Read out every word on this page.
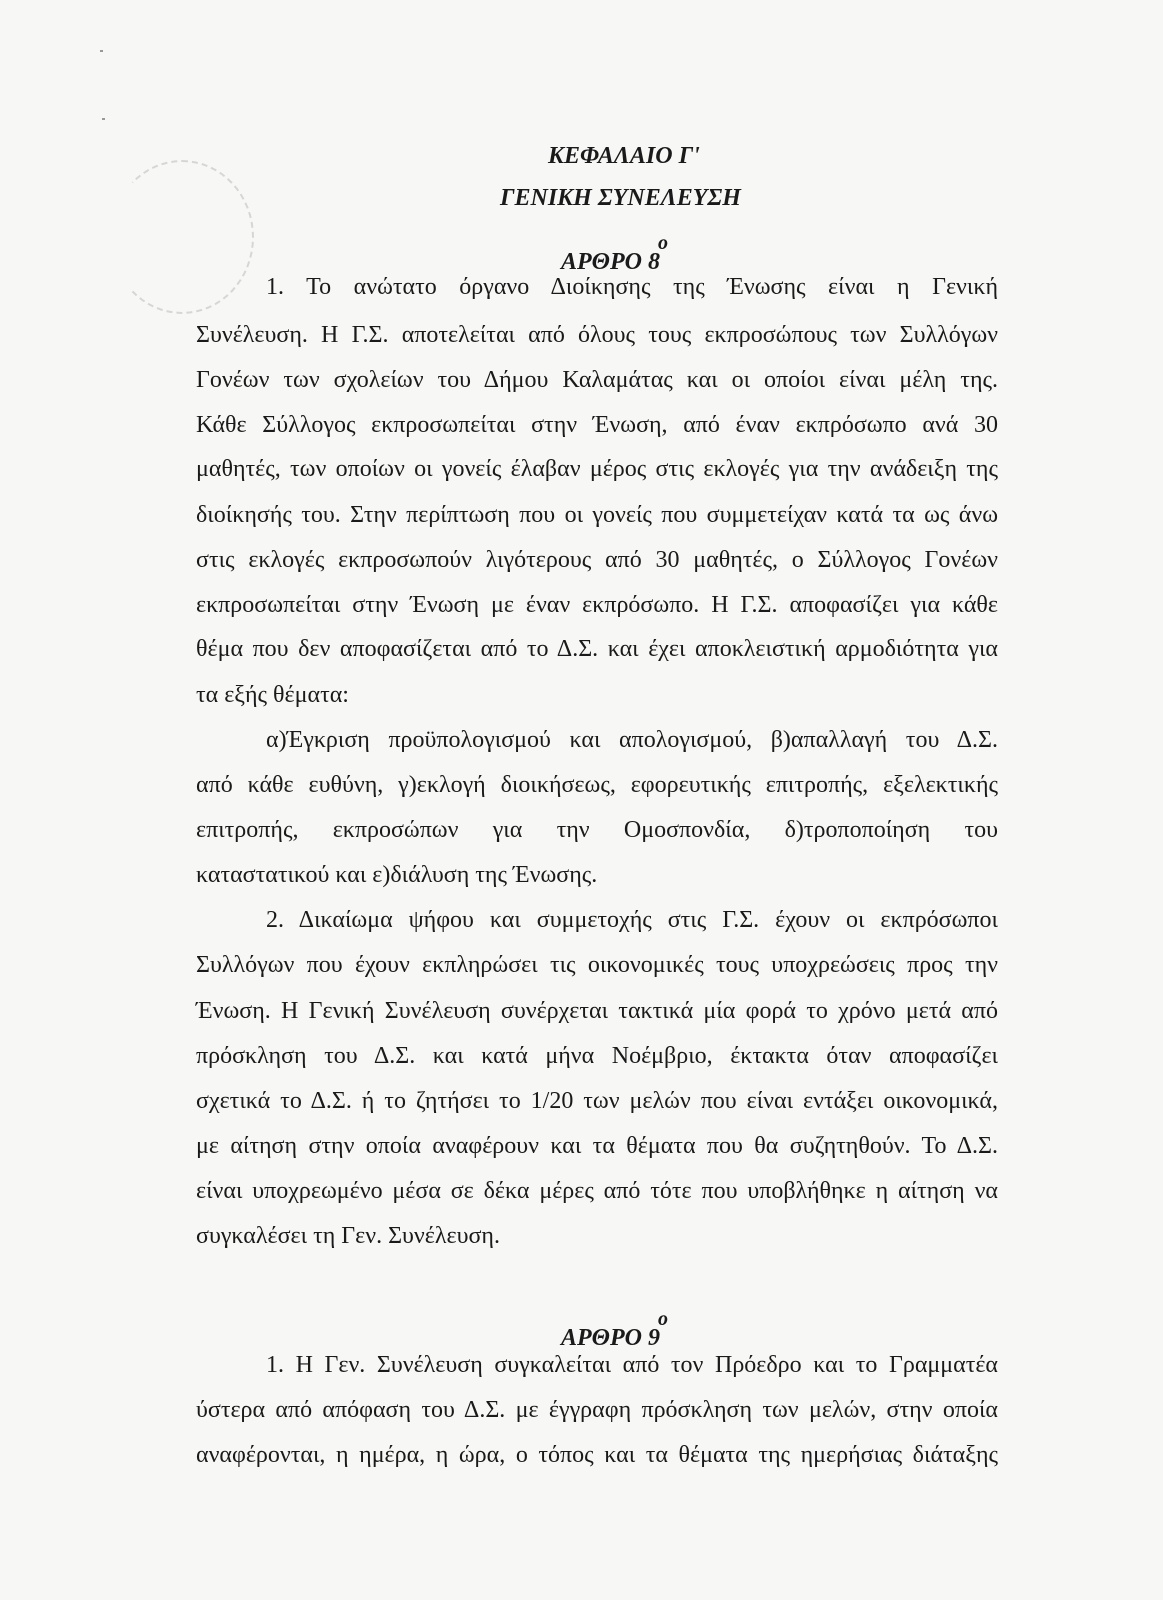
ΚΕΦΑΛΑΙΟ Γ'
ΓΕΝΙΚΗ ΣΥΝΕΛΕΥΣΗ
ο
ΑΡΘΡΟ 8
1. Το ανώτατο όργανο Διοίκησης της Ένωσης είναι η Γενική
Συνέλευση. Η Γ.Σ. αποτελείται από όλους τους εκπροσώπους των Συλλόγων
Γονέων των σχολείων του Δήμου Καλαμάτας και οι οποίοι είναι μέλη της.
Κάθε Σύλλογος εκπροσωπείται στην Ένωση, από έναν εκπρόσωπο ανά 30
μαθητές, των οποίων οι γονείς έλαβαν μέρος στις εκλογές για την ανάδειξη της
διοίκησής του. Στην περίπτωση που οι γονείς που συμμετείχαν κατά τα ως άνω
στις εκλογές εκπροσωπούν λιγότερους από 30 μαθητές, ο Σύλλογος Γονέων
εκπροσωπείται στην Ένωση με έναν εκπρόσωπο. Η Γ.Σ. αποφασίζει για κάθε
θέμα που δεν αποφασίζεται από το Δ.Σ. και έχει αποκλειστική αρμοδιότητα για
τα εξής θέματα:
α)Έγκριση προϋπολογισμού και απολογισμού, β)απαλλαγή του Δ.Σ.
από κάθε ευθύνη, γ)εκλογή διοικήσεως, εφορευτικής επιτροπής, εξελεκτικής
επιτροπής, εκπροσώπων για την Ομοσπονδία, δ)τροποποίηση του
καταστατικού και ε)διάλυση της Ένωσης.
2. Δικαίωμα ψήφου και συμμετοχής στις Γ.Σ. έχουν οι εκπρόσωποι
Συλλόγων που έχουν εκπληρώσει τις οικονομικές τους υποχρεώσεις προς την
Ένωση. Η Γενική Συνέλευση συνέρχεται τακτικά μία φορά το χρόνο μετά από
πρόσκληση του Δ.Σ. και κατά μήνα Νοέμβριο, έκτακτα όταν αποφασίζει
σχετικά το Δ.Σ. ή το ζητήσει το 1/20 των μελών που είναι εντάξει οικονομικά,
με αίτηση στην οποία αναφέρουν και τα θέματα που θα συζητηθούν. Το Δ.Σ.
είναι υποχρεωμένο μέσα σε δέκα μέρες από τότε που υποβλήθηκε η αίτηση να
συγκαλέσει τη Γεν. Συνέλευση.
ο
ΑΡΘΡΟ 9
1. Η Γεν. Συνέλευση συγκαλείται από τον Πρόεδρο και το Γραμματέα
ύστερα από απόφαση του Δ.Σ. με έγγραφη πρόσκληση των μελών, στην οποία
αναφέρονται, η ημέρα, η ώρα, ο τόπος και τα θέματα της ημερήσιας διάταξης
